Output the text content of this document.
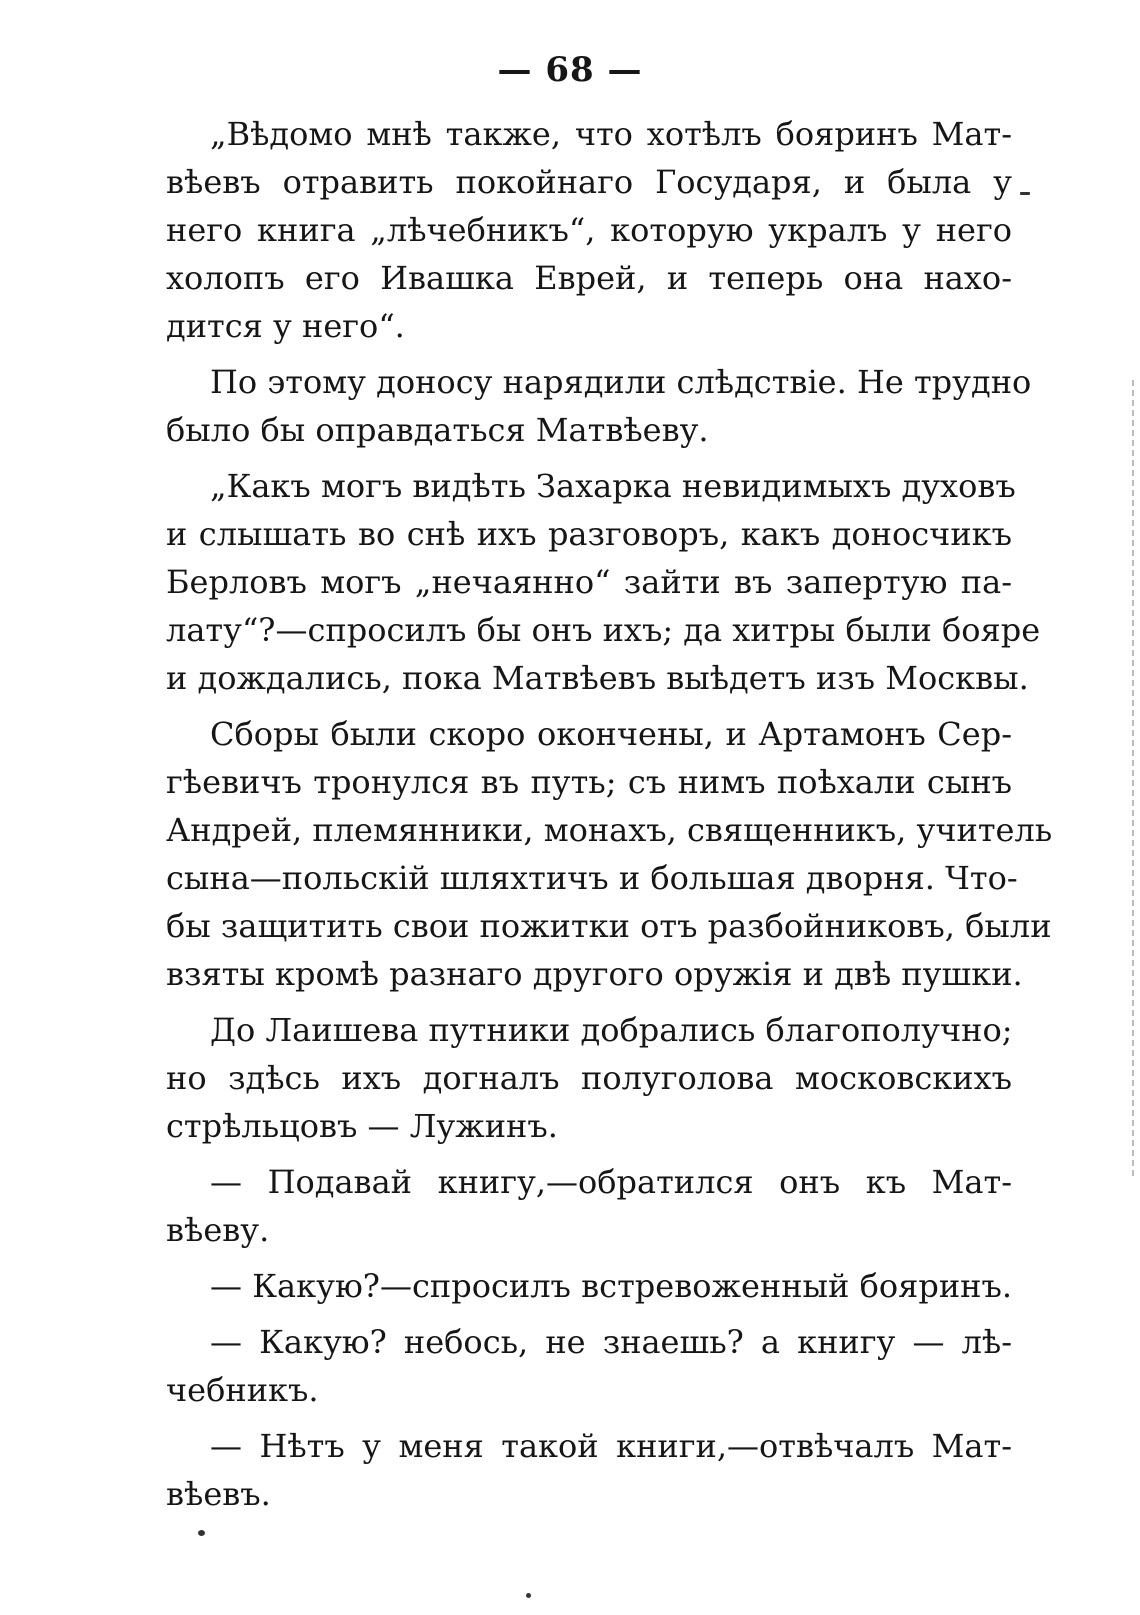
— 68 —
„Вѣдомо мнѣ также, что хотѣлъ бояринъ Мат-
вѣевъ отравить покойнаго Государя, и была у
него книга „лѣчебникъ“, которую укралъ у него
холопъ его Ивашка Еврей, и теперь она нахо-
дится у него“.
По этому доносу нарядили слѣдствіе. Не трудно
было бы оправдаться Матвѣеву.
„Какъ могъ видѣть Захарка невидимыхъ духовъ
и слышать во снѣ ихъ разговоръ, какъ доносчикъ
Берловъ могъ „нечаянно“ зайти въ запертую па-
лату“?—спросилъ бы онъ ихъ; да хитры были бояре
и дождались, пока Матвѣевъ выѣдетъ изъ Москвы.
Сборы были скоро окончены, и Артамонъ Сер-
гѣевичъ тронулся въ путь; съ нимъ поѣхали сынъ
Андрей, племянники, монахъ, священникъ, учитель
сына—польскій шляхтичъ и большая дворня. Что-
бы защитить свои пожитки отъ разбойниковъ, были
взяты кромѣ разнаго другого оружія и двѣ пушки.
До Лаишева путники добрались благополучно;
но здѣсь ихъ догналъ полуголова московскихъ
стрѣльцовъ — Лужинъ.
— Подавай книгу,—обратился онъ къ Мат-
вѣеву.
— Какую?—спросилъ встревоженный бояринъ.
— Какую? небось, не знаешь? а книгу — лѣ-
чебникъ.
— Нѣтъ у меня такой книги,—отвѣчалъ Мат-
вѣевъ.
